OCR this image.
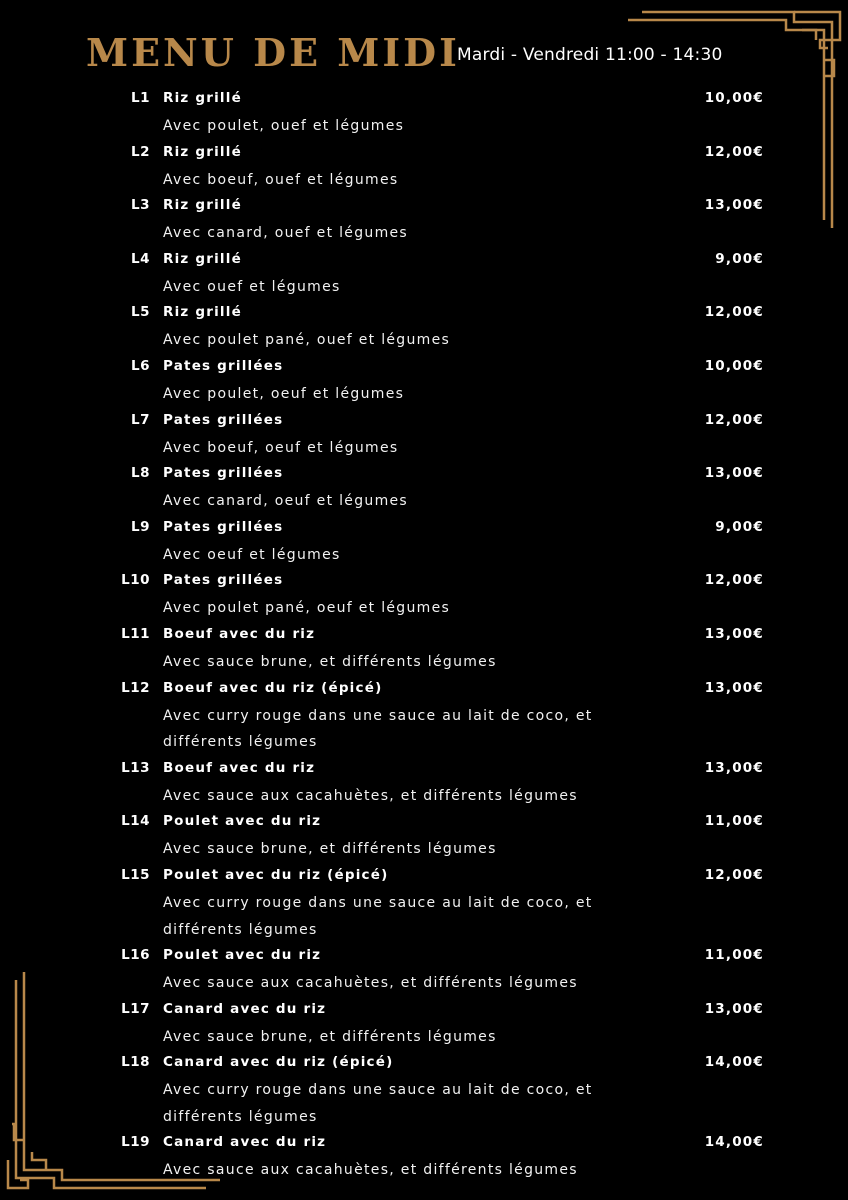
MENU DE MIDI
Mardi - Vendredi 11:00 - 14:30
L1 Riz grillé	10,00€
Avec poulet, ouef et légumes
L2 Riz grillé	12,00€
Avec boeuf, ouef et légumes
L3 Riz grillé	13,00€
Avec canard, ouef et légumes
L4 Riz grillé	9,00€
Avec ouef et légumes
L5 Riz grillé	12,00€
Avec poulet pané, ouef et légumes
L6 Pates grillées	10,00€
Avec poulet, oeuf et légumes
L7 Pates grillées	12,00€
Avec boeuf, oeuf et légumes
L8 Pates grillées	13,00€
Avec canard, oeuf et légumes
L9 Pates grillées	9,00€
Avec oeuf et légumes
L10 Pates grillées	12,00€
Avec poulet pané, oeuf et légumes
L11 Boeuf avec du riz	13,00€
Avec sauce brune, et différents légumes
L12 Boeuf avec du riz (épicé)	13,00€
Avec curry rouge dans une sauce au lait de coco, et différents légumes
L13 Boeuf avec du riz	13,00€
Avec sauce aux cacahuètes, et différents légumes
L14 Poulet avec du riz	11,00€
Avec sauce brune, et différents légumes
L15 Poulet avec du riz (épicé)	12,00€
Avec curry rouge dans une sauce au lait de coco, et différents légumes
L16 Poulet avec du riz	11,00€
Avec sauce aux cacahuètes, et différents légumes
L17 Canard avec du riz	13,00€
Avec sauce brune, et différents légumes
L18 Canard avec du riz (épicé)	14,00€
Avec curry rouge dans une sauce au lait de coco, et différents légumes
L19 Canard avec du riz	14,00€
Avec sauce aux cacahuètes, et différents légumes
